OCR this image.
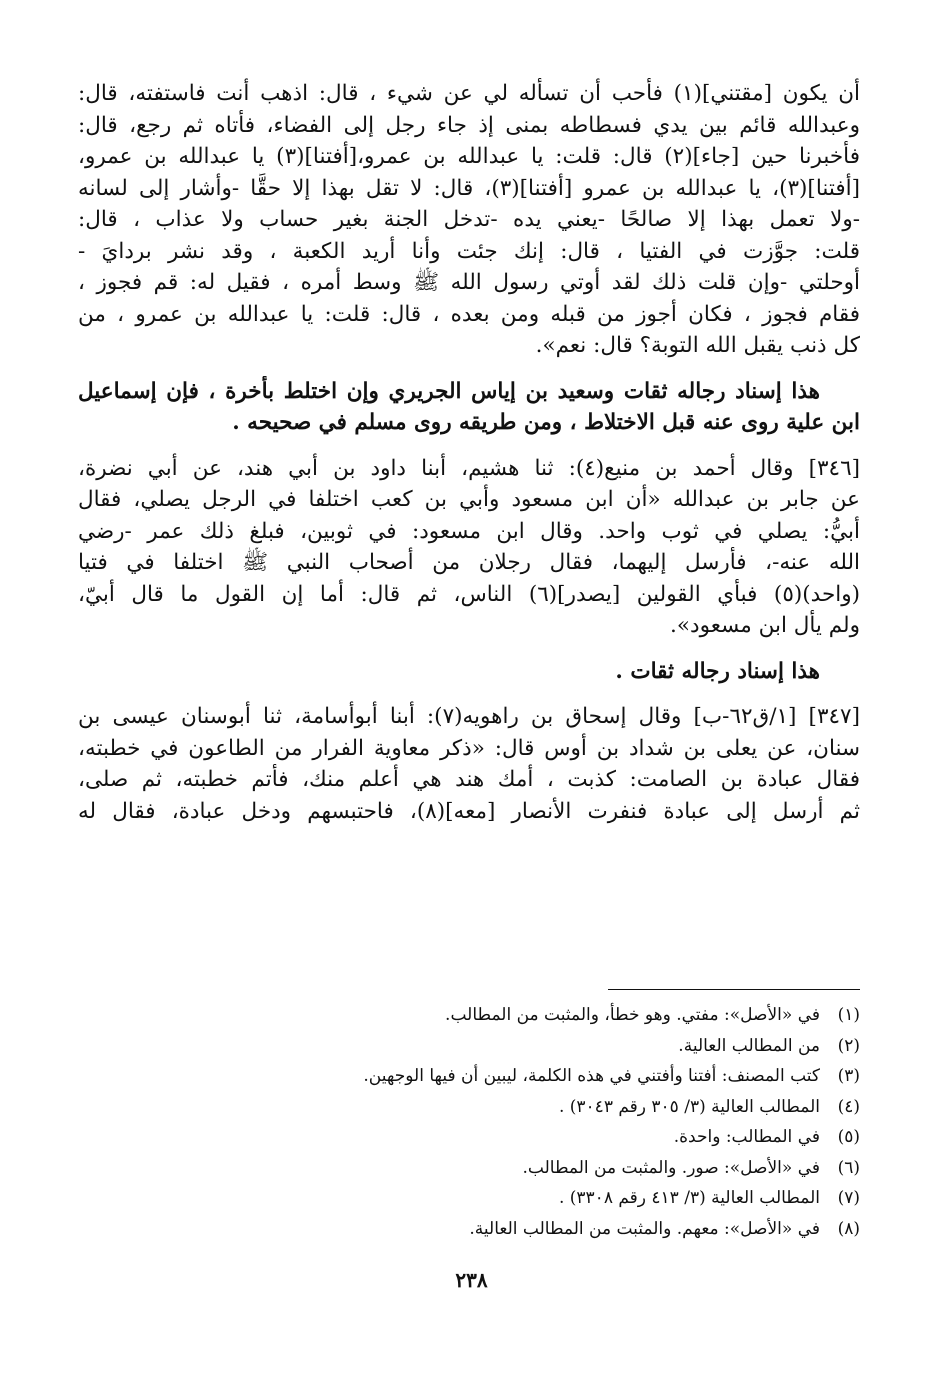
أن يكون [مقتني](١) فأحب أن تسأله لي عن شيء ، قال: اذهب أنت فاستفته، قال:
وعبدالله قائم بين يدي فسطاطه بمنى إذ جاء رجل إلى الفضاء، فأتاه ثم رجع، قال:
فأخبرنا حين [جاء](٢) قال: قلت: يا عبدالله بن عمرو،[أفتنا](٣) يا عبدالله بن عمرو،
[أفتنا](٣)، يا عبدالله بن عمرو [أفتنا](٣)، قال: لا تقل بهذا إلا حقًّا -وأشار إلى لسانه
-ولا تعمل بهذا إلا صالحًا -يعني يده -تدخل الجنة بغير حساب ولا عذاب ، قال:
قلت: جوَّزت في الفتيا ، قال: إنك جئت وأنا أريد الكعبة ، وقد نشر بردايَ -
أوحلتي -وإن قلت ذلك لقد أوتي رسول الله ﷺ وسط أمره ، فقيل له: قم فجوز ،
فقام فجوز ، فكان أجوز من قبله ومن بعده ، قال: قلت: يا عبدالله بن عمرو ، من
كل ذنب يقبل الله التوبة؟ قال: نعم».
هذا إسناد رجاله ثقات وسعيد بن إياس الجريري وإن اختلط بأخرة ، فإن إسماعيل
ابن علية روى عنه قبل الاختلاط ، ومن طريقه روى مسلم في صحيحه .
[٣٤٦] وقال أحمد بن منيع(٤): ثنا هشيم، أبنا داود بن أبي هند، عن أبي نضرة،
عن جابر بن عبدالله «أن ابن مسعود وأبي بن كعب اختلفا في الرجل يصلي، فقال
أُبيُّ: يصلي في ثوب واحد. وقال ابن مسعود: في ثوبين، فبلغ ذلك عمر -رضي
الله عنه-، فأرسل إليهما، فقال رجلان من أصحاب النبي ﷺ اختلفا في فتيا
(واحد)(٥) فبأي القولين [يصدر](٦) الناس، ثم قال: أما إن القول ما قال أُبيّ،
ولم يأل ابن مسعود».
هذا إسناد رجاله ثقات .
[٣٤٧] [١/ق٦٢-ب] وقال إسحاق بن راهويه(٧): أبنا أبوأسامة، ثنا أبوسنان عيسى بن
سنان، عن يعلى بن شداد بن أوس قال: «ذكر معاوية الفرار من الطاعون في خطبته،
فقال عبادة بن الصامت: كذبت ، أمك هند هي أعلم منك، فأتم خطبته، ثم صلى،
ثم أرسل إلى عبادة فنفرت الأنصار [معه](٨)، فاحتبسهم ودخل عبادة، فقال له
(١)في «الأصل»: مفتي. وهو خطأ، والمثبت من المطالب.
(٢)من المطالب العالية.
(٣)كتب المصنف: أفتنا وأفتني في هذه الكلمة، ليبين أن فيها الوجهين.
(٤)المطالب العالية (٣/ ٣٠٥ رقم ٣٠٤٣) .
(٥)في المطالب: واحدة.
(٦)في «الأصل»: صور. والمثبت من المطالب.
(٧)المطالب العالية (٣/ ٤١٣ رقم ٣٣٠٨) .
(٨)في «الأصل»: معهم. والمثبت من المطالب العالية.
٢٣٨
